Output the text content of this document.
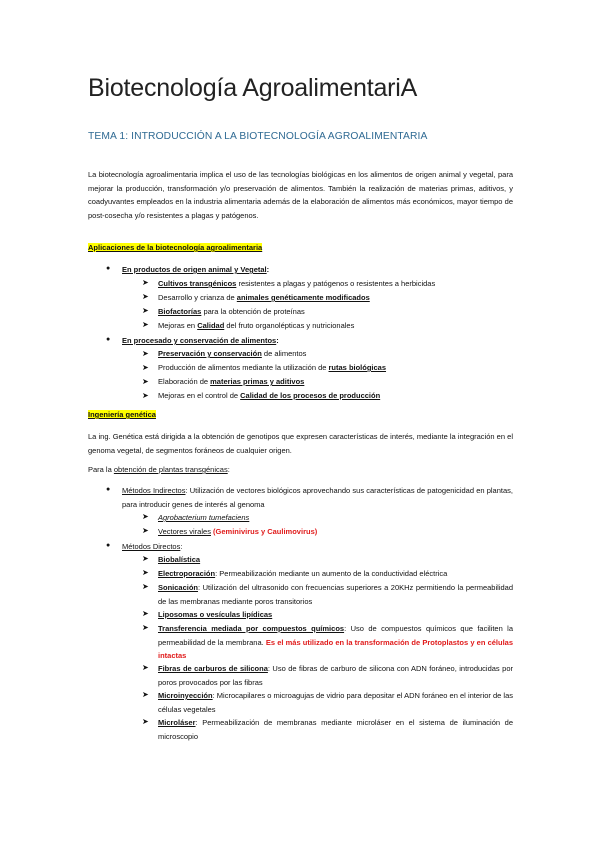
Biotecnología AgroalimentariA
TEMA 1: INTRODUCCIÓN A LA BIOTECNOLOGÍA AGROALIMENTARIA
La biotecnología agroalimentaria implica el uso de las tecnologías biológicas en los alimentos de origen animal y vegetal, para mejorar la producción, transformación y/o preservación de alimentos. También la realización de materias primas, aditivos, y coadyuvantes empleados en la industria alimentaria además de la elaboración de alimentos más económicos, mayor tiempo de post-cosecha y/o resistentes a plagas y patógenos.
Aplicaciones de la biotecnología agroalimentaria
● En productos de origen animal y Vegetal:
➤ Cultivos transgénicos resistentes a plagas y patógenos o resistentes a herbicidas
➤ Desarrollo y crianza de animales genéticamente modificados
➤ Biofactorías para la obtención de proteínas
➤ Mejoras en Calidad del fruto organolépticas y nutricionales
● En procesado y conservación de alimentos:
➤ Preservación y conservación de alimentos
➤ Producción de alimentos mediante la utilización de rutas biológicas
➤ Elaboración de materias primas y aditivos
➤ Mejoras en el control de Calidad de los procesos de producción
Ingeniería genética
La ing. Genética está dirigida a la obtención de genotipos que expresen características de interés, mediante la integración en el genoma vegetal, de segmentos foráneos de cualquier origen.
Para la obtención de plantas transgénicas:
● Métodos Indirectos: Utilización de vectores biológicos aprovechando sus características de patogenicidad en plantas, para introducir genes de interés al genoma
➤ Agrobacterium tumefaciens
➤ Vectores virales (Geminivirus y Caulimovirus)
● Métodos Directos:
➤ Biobalística
➤ Electroporación: Permeabilización mediante un aumento de la conductividad eléctrica
➤ Sonicación: Utilización del ultrasonido con frecuencias superiores a 20KHz permitiendo la permeabilidad de las membranas mediante poros transitorios
➤ Liposomas o vesículas lipídicas
➤ Transferencia mediada por compuestos químicos: Uso de compuestos químicos que faciliten la permeabilidad de la membrana. Es el más utilizado en la transformación de Protoplastos y en células intactas
➤ Fibras de carburos de silicona: Uso de fibras de carburo de silicona con ADN foráneo, introducidas por poros provocados por las fibras
➤ Microinyección: Microcapilares o microagujas de vidrio para depositar el ADN foráneo en el interior de las células vegetales
➤ Microláser: Permeabilización de membranas mediante microláser en el sistema de iluminación de microscopio
